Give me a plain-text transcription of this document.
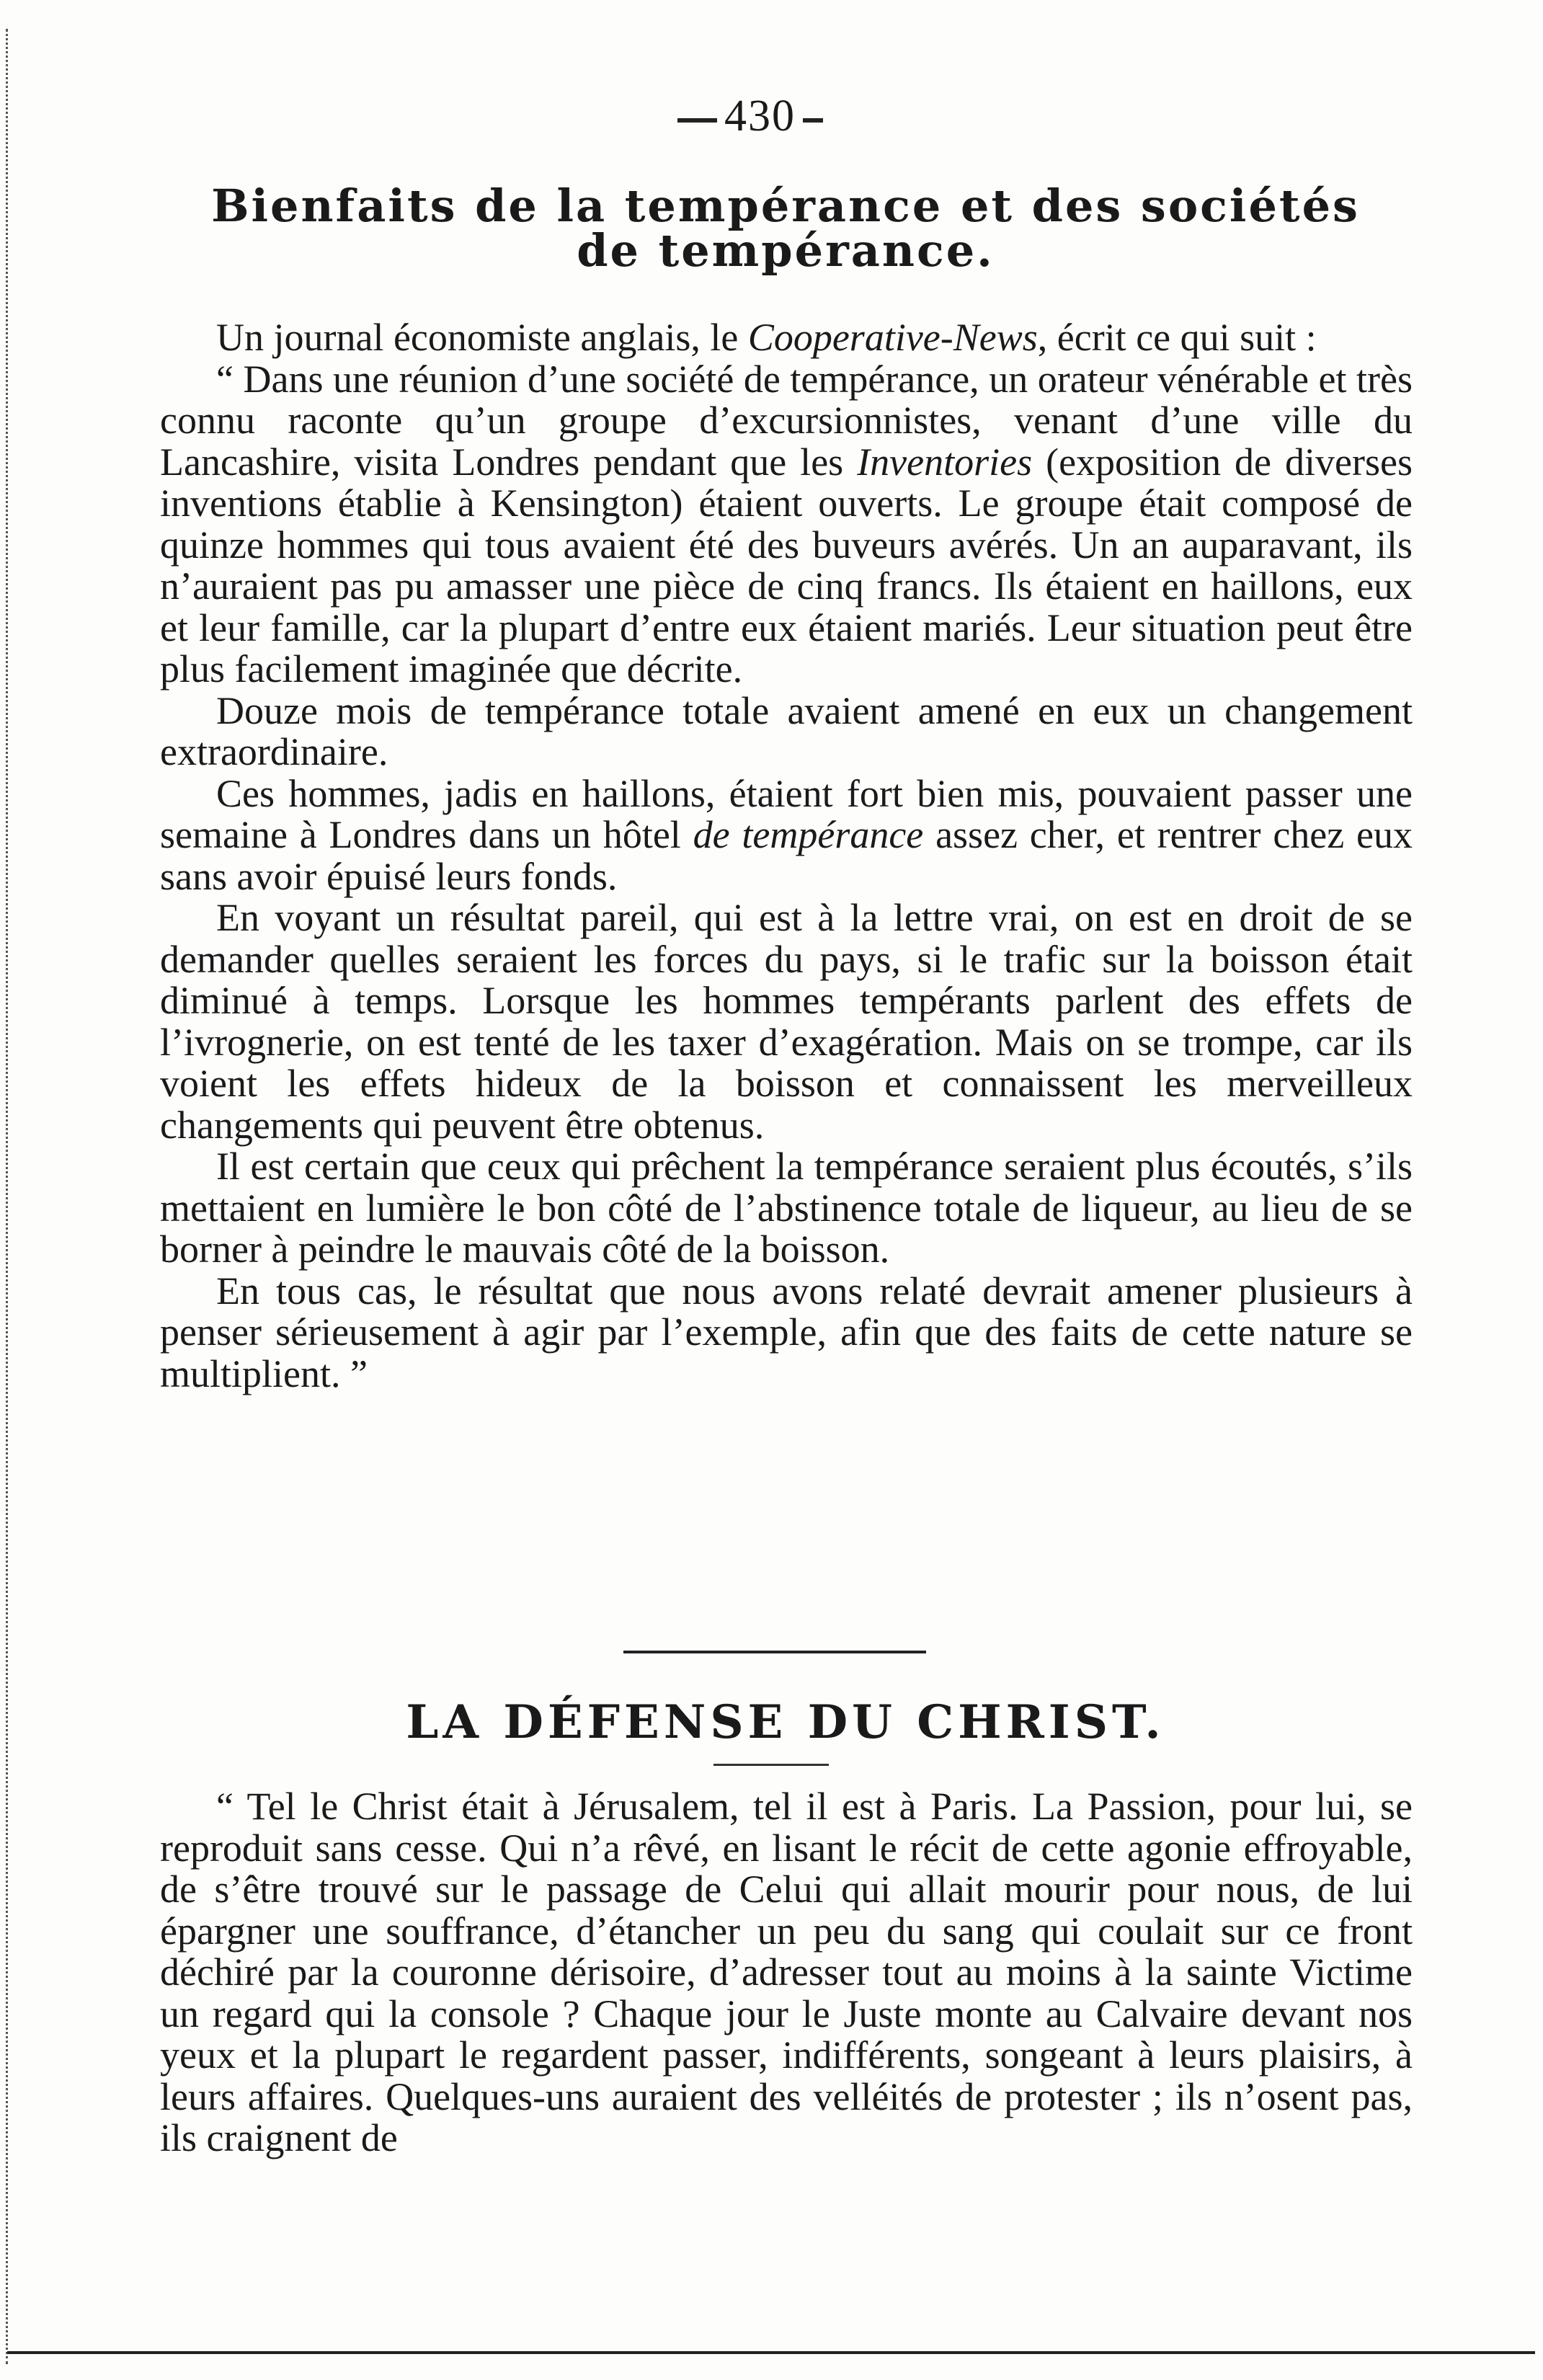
430
Bienfaits de la tempérance et des sociétés
de tempérance.

Un journal économiste anglais, le Cooperative-News, écrit ce qui suit :

“ Dans une réunion d’une société de tempérance, un orateur vénérable et très connu raconte qu’un groupe d’excursionnistes, venant d’une ville du Lancashire, visita Londres pendant que les Inventories (exposition de diverses inventions établie à Kensington) étaient ouverts. Le groupe était composé de quinze hommes qui tous avaient été des buveurs avérés. Un an auparavant, ils n’auraient pas pu amasser une pièce de cinq francs. Ils étaient en haillons, eux et leur famille, car la plupart d’entre eux étaient mariés. Leur situation peut être plus facilement imaginée que décrite.

Douze mois de tempérance totale avaient amené en eux un changement extraordinaire.

Ces hommes, jadis en haillons, étaient fort bien mis, pouvaient passer une semaine à Londres dans un hôtel de tempérance assez cher, et rentrer chez eux sans avoir épuisé leurs fonds.

En voyant un résultat pareil, qui est à la lettre vrai, on est en droit de se demander quelles seraient les forces du pays, si le trafic sur la boisson était diminué à temps. Lorsque les hommes tempérants parlent des effets de l’ivrognerie, on est tenté de les taxer d’exagération. Mais on se trompe, car ils voient les effets hideux de la boisson et connaissent les merveilleux changements qui peuvent être obtenus.

Il est certain que ceux qui prêchent la tempérance seraient plus écoutés, s’ils mettaient en lumière le bon côté de l’abstinence totale de liqueur, au lieu de se borner à peindre le mauvais côté de la boisson.

En tous cas, le résultat que nous avons relaté devrait amener plusieurs à penser sérieusement à agir par l’exemple, afin que des faits de cette nature se multiplient. ”

LA DÉFENSE DU CHRIST.

“ Tel le Christ était à Jérusalem, tel il est à Paris. La Passion, pour lui, se reproduit sans cesse. Qui n’a rêvé, en lisant le récit de cette agonie effroyable, de s’être trouvé sur le passage de Celui qui allait mourir pour nous, de lui épargner une souffrance, d’étancher un peu du sang qui coulait sur ce front déchiré par la couronne dérisoire, d’adresser tout au moins à la sainte Victime un regard qui la console ? Chaque jour le Juste monte au Calvaire devant nos yeux et la plupart le regardent passer, indifférents, songeant à leurs plaisirs, à leurs affaires. Quelques-uns auraient des velléités de protester ; ils n’osent pas, ils craignent de
